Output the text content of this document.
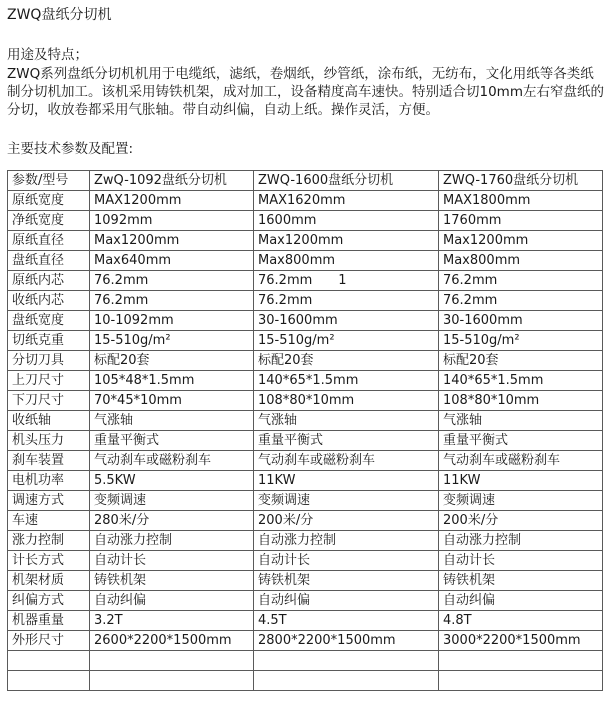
ZWQ盘纸分切机
用途及特点；
ZWQ系列盘纸分切机机用于电缆纸，滤纸，卷烟纸，纱管纸，涂布纸，无纺布，文化用纸等各类纸制分切机加工。该机采用铸铁机架，成对加工，设备精度高车速快。特别适合切10mm左右窄盘纸的分切，收放卷都采用气胀轴。带自动纠偏，自动上纸。操作灵活，方便。
主要技术参数及配置:
参数/型号	ZwQ-1092盘纸分切机	ZWQ-1600盘纸分切机	ZWQ-1760盘纸分切机
原纸宽度	MAX1200mm	MAX1620mm	MAX1800mm
净纸宽度	1092mm	1600mm	1760mm
原纸直径	Max1200mm	Max1200mm	Max1200mm
盘纸直径	Max640mm	Max800mm	Max800mm
原纸内芯	76.2mm	76.2mm　　1	76.2mm
收纸内芯	76.2mm	76.2mm	76.2mm
盘纸宽度	10-1092mm	30-1600mm	30-1600mm
切纸克重	15-510g/m²	15-510g/m²	15-510g/m²
分切刀具	标配20套	标配20套	标配20套
上刀尺寸	105*48*1.5mm	140*65*1.5mm	140*65*1.5mm
下刀尺寸	70*45*10mm	108*80*10mm	108*80*10mm
收纸轴	气涨轴	气涨轴	气涨轴
机头压力	重量平衡式	重量平衡式	重量平衡式
刹车装置	气动刹车或磁粉刹车	气动刹车或磁粉刹车	气动刹车或磁粉刹车
电机功率	5.5KW	11KW	11KW
调速方式	变频调速	变频调速	变频调速
车速	280米/分	200米/分	200米/分
涨力控制	自动涨力控制	自动涨力控制	自动涨力控制
计长方式	自动计长	自动计长	自动计长
机架材质	铸铁机架	铸铁机架	铸铁机架
纠偏方式	自动纠偏	自动纠偏	自动纠偏
机器重量	3.2T	4.5T	4.8T
外形尺寸	2600*2200*1500mm	2800*2200*1500mm	3000*2200*1500mm
